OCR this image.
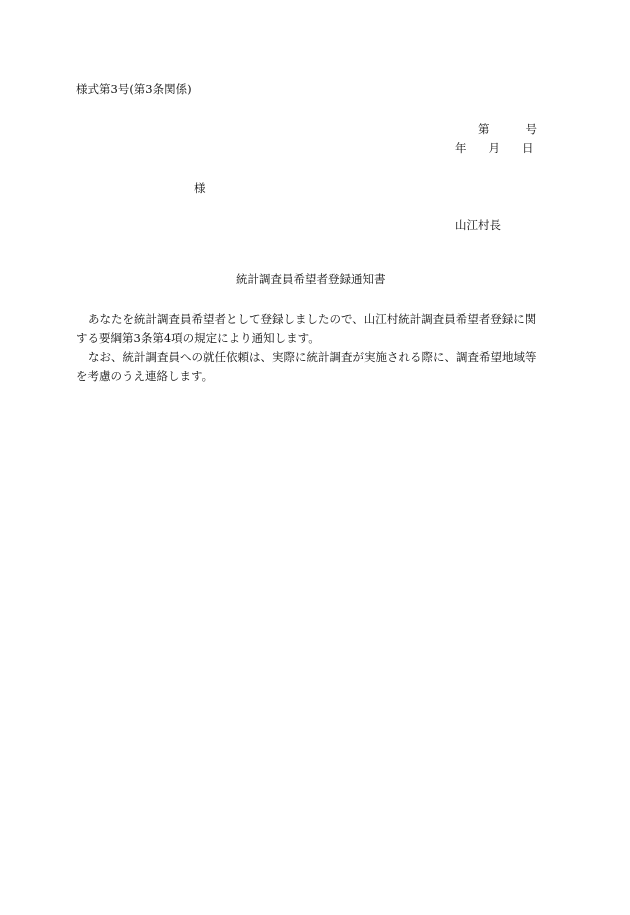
様式第3号(第3条関係)
第	号
年 月 日
様
山江村長
統計調査員希望者登録通知書

あなたを統計調査員希望者として登録しましたので、山江村統計調査員希望者登録に関

する要綱第3条第4項の規定により通知します。

なお、統計調査員への就任依頼は、実際に統計調査が実施される際に、調査希望地域等

を考慮のうえ連絡します。
